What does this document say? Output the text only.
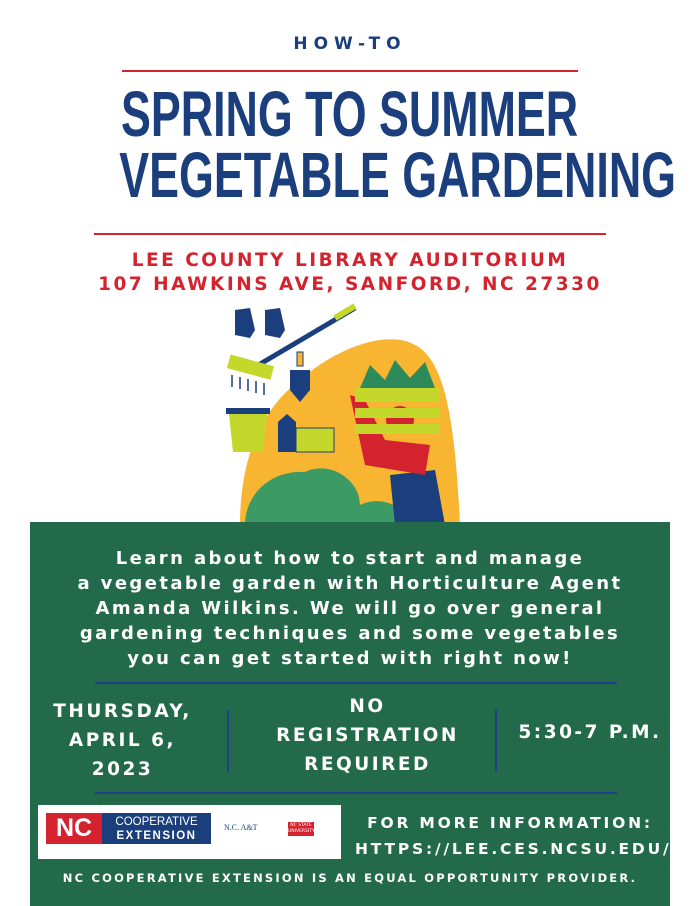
HOW-TO
SPRING TO SUMMER
VEGETABLE GARDENING
LEE COUNTY LIBRARY AUDITORIUM
107 HAWKINS AVE, SANFORD, NC 27330
Learn about how to start and manage
a vegetable garden with Horticulture Agent
Amanda Wilkins. We will go over general
gardening techniques and some vegetables
you can get started with right now!
THURSDAY,
APRIL 6,
2023
NO
REGISTRATION
REQUIRED
5:30-7 P.M.
NC	COOPERATIVE
EXTENSION
N.C. A&T	NC STATE UNIVERSITY	FOR MORE INFORMATION:
HTTPS://LEE.CES.NCSU.EDU/
NC COOPERATIVE EXTENSION IS AN EQUAL OPPORTUNITY PROVIDER.
